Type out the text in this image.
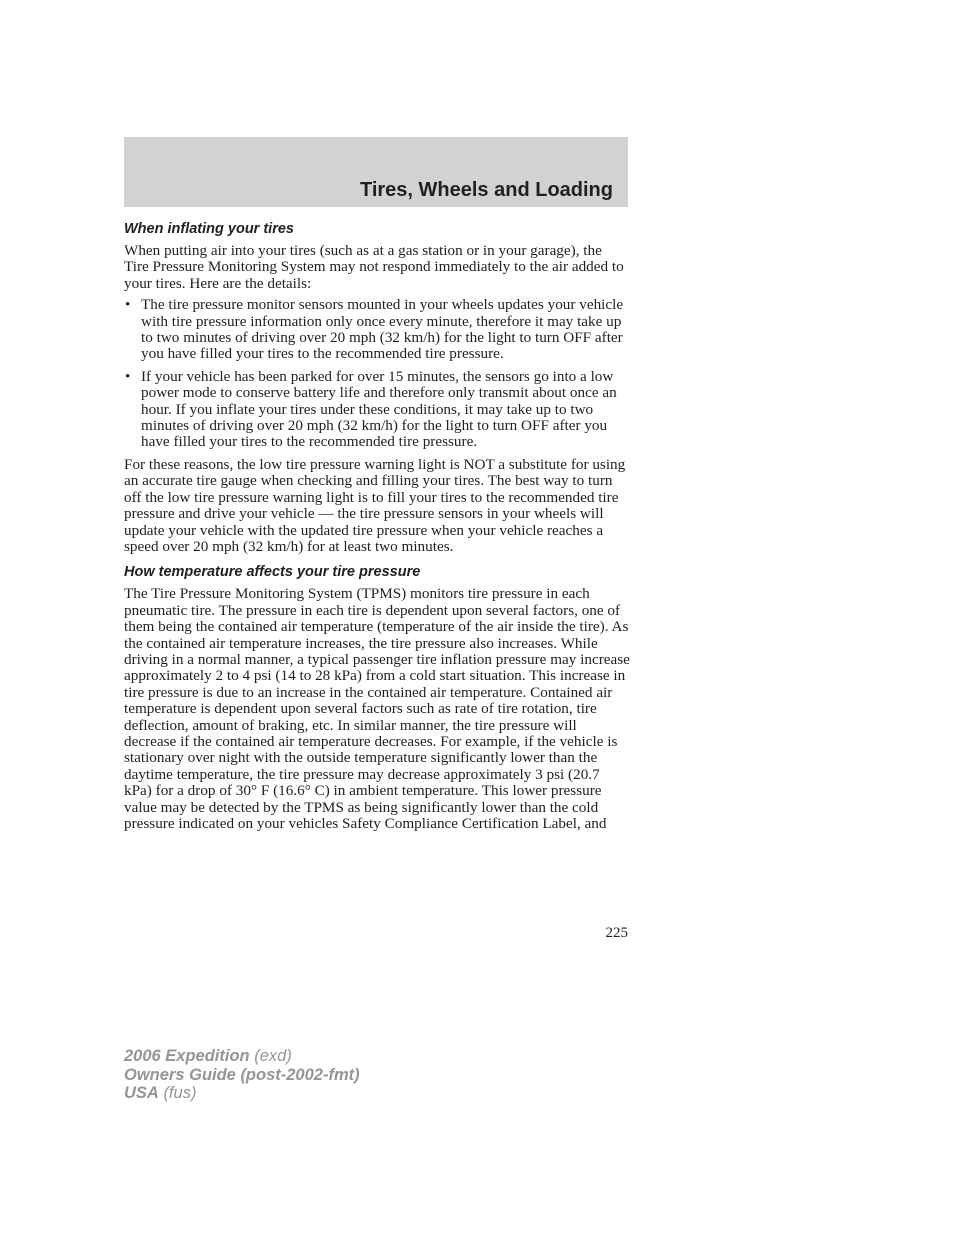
Tires, Wheels and Loading
When inflating your tires

When putting air into your tires (such as at a gas station or in your garage), the Tire Pressure Monitoring System may not respond immediately to the air added to your tires. Here are the details:

• The tire pressure monitor sensors mounted in your wheels updates your vehicle with tire pressure information only once every minute, therefore it may take up to two minutes of driving over 20 mph (32 km/h) for the light to turn OFF after you have filled your tires to the recommended tire pressure.
• If your vehicle has been parked for over 15 minutes, the sensors go into a low power mode to conserve battery life and therefore only transmit about once an hour. If you inflate your tires under these conditions, it may take up to two minutes of driving over 20 mph (32 km/h) for the light to turn OFF after you have filled your tires to the recommended tire pressure.

For these reasons, the low tire pressure warning light is NOT a substitute for using an accurate tire gauge when checking and filling your tires. The best way to turn off the low tire pressure warning light is to fill your tires to the recommended tire pressure and drive your vehicle — the tire pressure sensors in your wheels will update your vehicle with the updated tire pressure when your vehicle reaches a speed over 20 mph (32 km/h) for at least two minutes.

How temperature affects your tire pressure

The Tire Pressure Monitoring System (TPMS) monitors tire pressure in each pneumatic tire. The pressure in each tire is dependent upon several factors, one of them being the contained air temperature (temperature of the air inside the tire). As the contained air temperature increases, the tire pressure also increases. While driving in a normal manner, a typical passenger tire inflation pressure may increase approximately 2 to 4 psi (14 to 28 kPa) from a cold start situation. This increase in tire pressure is due to an increase in the contained air temperature. Contained air temperature is dependent upon several factors such as rate of tire rotation, tire deflection, amount of braking, etc. In similar manner, the tire pressure will decrease if the contained air temperature decreases. For example, if the vehicle is stationary over night with the outside temperature significantly lower than the daytime temperature, the tire pressure may decrease approximately 3 psi (20.7 kPa) for a drop of 30° F (16.6° C) in ambient temperature. This lower pressure value may be detected by the TPMS as being significantly lower than the cold pressure indicated on your vehicles Safety Compliance Certification Label, and

225
2006 Expedition (exd)
Owners Guide (post-2002-fmt)
USA (fus)
